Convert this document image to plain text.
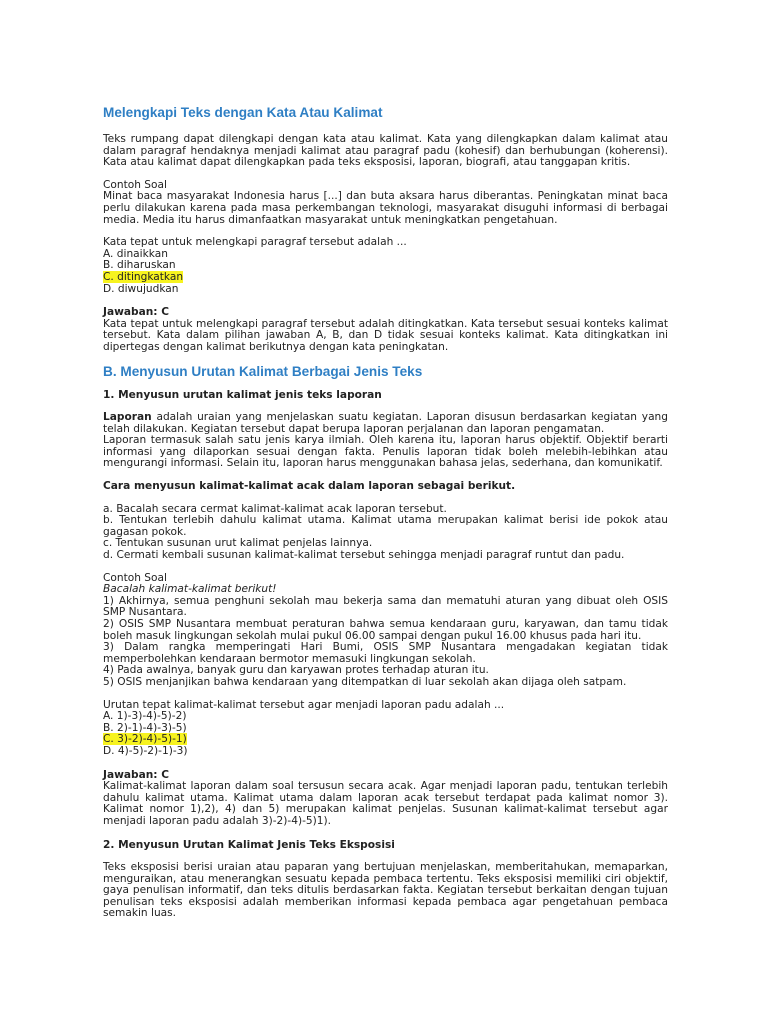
Melengkapi Teks dengan Kata Atau Kalimat

Teks rumpang dapat dilengkapi dengan kata atau kalimat. Kata yang dilengkapkan dalam kalimat atau dalam paragraf hendaknya menjadi kalimat atau paragraf padu (kohesif) dan berhubungan (koherensi). Kata atau kalimat dapat dilengkapkan pada teks eksposisi, laporan, biografi, atau tanggapan kritis.

Contoh Soal

Minat baca masyarakat Indonesia harus [...] dan buta aksara harus diberantas. Peningkatan minat baca perlu dilakukan karena pada masa perkembangan teknologi, masyarakat disuguhi informasi di berbagai media. Media itu harus dimanfaatkan masyarakat untuk meningkatkan pengetahuan.

Kata tepat untuk melengkapi paragraf tersebut adalah ...

A. dinaikkan

B. diharuskan

C. ditingkatkan

D. diwujudkan

Jawaban: C

Kata tepat untuk melengkapi paragraf tersebut adalah ditingkatkan. Kata tersebut sesuai konteks kalimat tersebut. Kata dalam pilihan jawaban A, B, dan D tidak sesuai konteks kalimat. Kata ditingkatkan ini dipertegas dengan kalimat berikutnya dengan kata peningkatan.

B. Menyusun Urutan Kalimat Berbagai Jenis Teks

1. Menyusun urutan kalimat jenis teks laporan

Laporan adalah uraian yang menjelaskan suatu kegiatan. Laporan disusun berdasarkan kegiatan yang telah dilakukan. Kegiatan tersebut dapat berupa laporan perjalanan dan laporan pengamatan.

Laporan termasuk salah satu jenis karya ilmiah. Oleh karena itu, laporan harus objektif. Objektif berarti informasi yang dilaporkan sesuai dengan fakta. Penulis laporan tidak boleh melebih-lebihkan atau mengurangi informasi. Selain itu, laporan harus menggunakan bahasa jelas, sederhana, dan komunikatif.

Cara menyusun kalimat-kalimat acak dalam laporan sebagai berikut.

a. Bacalah secara cermat kalimat-kalimat acak laporan tersebut.

b. Tentukan terlebih dahulu kalimat utama. Kalimat utama merupakan kalimat berisi ide pokok atau gagasan pokok.

c. Tentukan susunan urut kalimat penjelas lainnya.

d. Cermati kembali susunan kalimat-kalimat tersebut sehingga menjadi paragraf runtut dan padu.

Contoh Soal

Bacalah kalimat-kalimat berikut!

1) Akhirnya, semua penghuni sekolah mau bekerja sama dan mematuhi aturan yang dibuat oleh OSIS SMP Nusantara.

2) OSIS SMP Nusantara membuat peraturan bahwa semua kendaraan guru, karyawan, dan tamu tidak boleh masuk lingkungan sekolah mulai pukul 06.00 sampai dengan pukul 16.00 khusus pada hari itu.

3) Dalam rangka memperingati Hari Bumi, OSIS SMP Nusantara mengadakan kegiatan tidak memperbolehkan kendaraan bermotor memasuki lingkungan sekolah.

4) Pada awalnya, banyak guru dan karyawan protes terhadap aturan itu.

5) OSIS menjanjikan bahwa kendaraan yang ditempatkan di luar sekolah akan dijaga oleh satpam.

Urutan tepat kalimat-kalimat tersebut agar menjadi laporan padu adalah ...

A. 1)-3)-4)-5)-2)

B. 2)-1)-4)-3)-5)

C. 3)-2)-4)-5)-1)

D. 4)-5)-2)-1)-3)

Jawaban: C

Kalimat-kalimat laporan dalam soal tersusun secara acak. Agar menjadi laporan padu, tentukan terlebih dahulu kalimat utama. Kalimat utama dalam laporan acak tersebut terdapat pada kalimat nomor 3). Kalimat nomor 1),2), 4) dan 5) merupakan kalimat penjelas. Susunan kalimat-kalimat tersebut agar menjadi laporan padu adalah 3)-2)-4)-5)1).

2. Menyusun Urutan Kalimat Jenis Teks Eksposisi

Teks eksposisi berisi uraian atau paparan yang bertujuan menjelaskan, memberitahukan, memaparkan, menguraikan, atau menerangkan sesuatu kepada pembaca tertentu. Teks eksposisi memiliki ciri objektif, gaya penulisan informatif, dan teks ditulis berdasarkan fakta. Kegiatan tersebut berkaitan dengan tujuan penulisan teks eksposisi adalah memberikan informasi kepada pembaca agar pengetahuan pembaca semakin luas.
